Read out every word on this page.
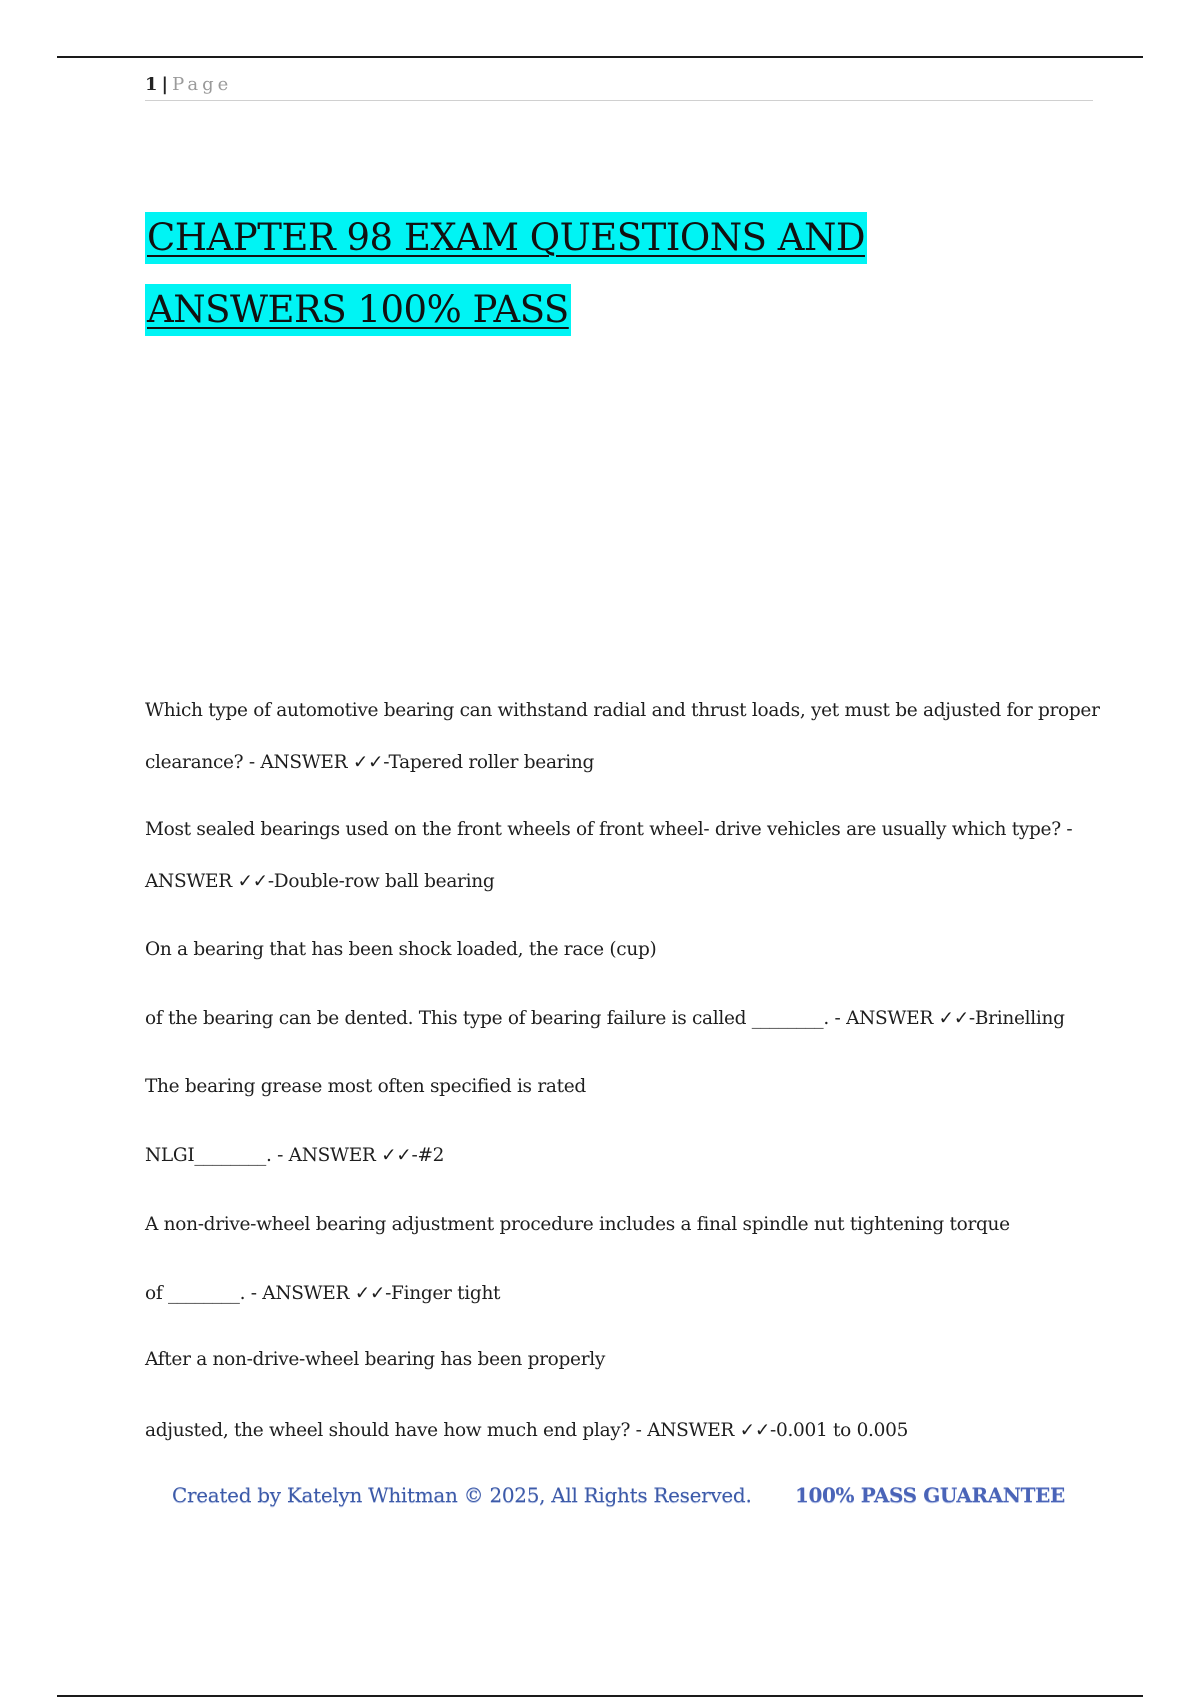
1 | Page
CHAPTER 98 EXAM QUESTIONS AND
ANSWERS 100% PASS
Which type of automotive bearing can withstand radial and thrust loads, yet must be adjusted for proper
clearance? - ANSWER ✓✓-Tapered roller bearing
Most sealed bearings used on the front wheels of front wheel- drive vehicles are usually which type? -
ANSWER ✓✓-Double-row ball bearing
On a bearing that has been shock loaded, the race (cup)
of the bearing can be dented. This type of bearing failure is called ________. - ANSWER ✓✓-Brinelling
The bearing grease most often specified is rated
NLGI________. - ANSWER ✓✓-#2
A non-drive-wheel bearing adjustment procedure includes a final spindle nut tightening torque
of ________. - ANSWER ✓✓-Finger tight
After a non-drive-wheel bearing has been properly
adjusted, the wheel should have how much end play? - ANSWER ✓✓-0.001 to 0.005
Created by Katelyn Whitman © 2025, All Rights Reserved. 100% PASS GUARANTEE
